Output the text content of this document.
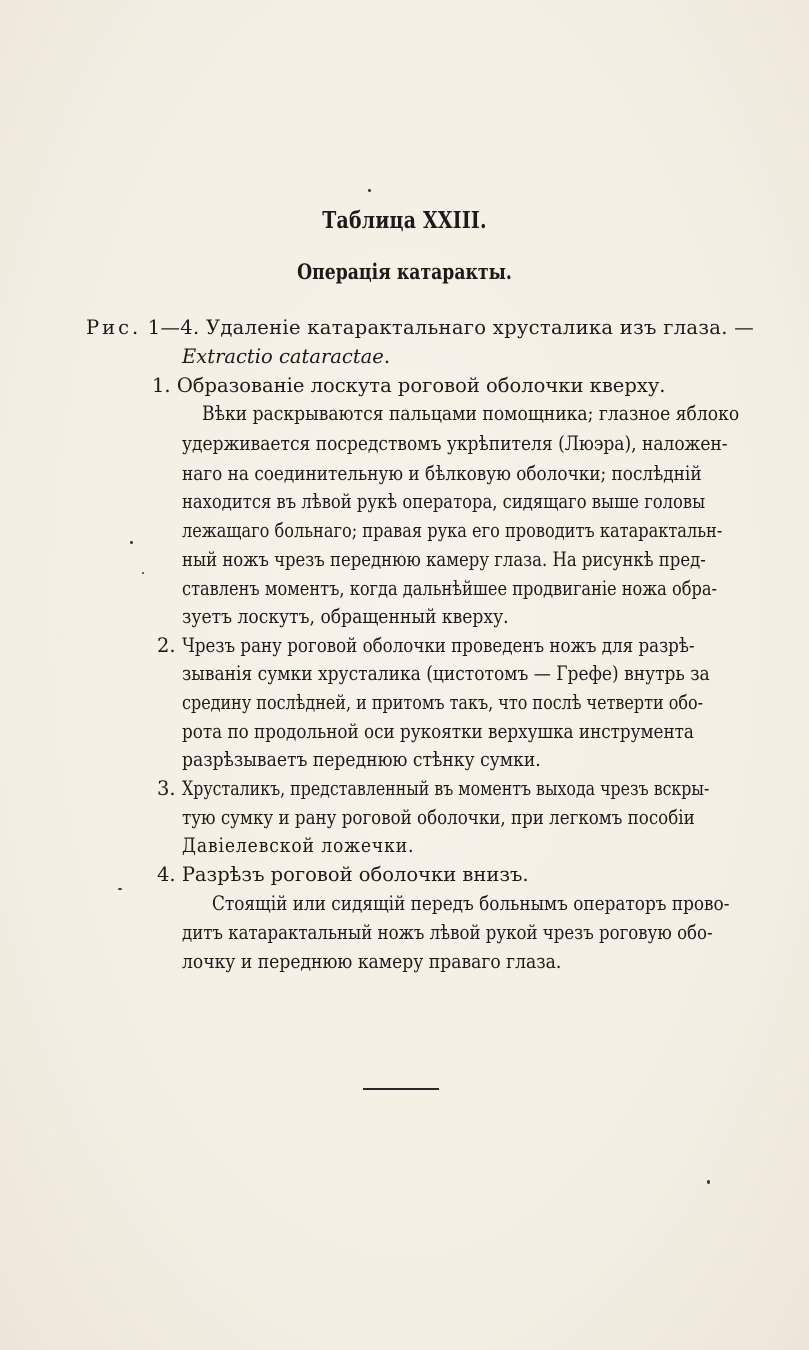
Таблица XXIII.
Операція катаракты.
Рис. 1—4. Удаленіе катарактальнаго хрусталика изъ глаза. —
Extractio cataractae.
1. Образованіе лоскута роговой оболочки кверху.
Вѣки раскрываются пальцами помощника; глазное яблоко
удерживается посредствомъ укрѣпителя (Люэра), наложен-
наго на соединительную и бѣлковую оболочки; послѣдній
находится въ лѣвой рукѣ оператора, сидящаго выше головы
лежащаго больнаго; правая рука его проводитъ катарактальн-
ный ножъ чрезъ переднюю камеру глаза. На рисункѣ пред-
ставленъ моментъ, когда дальнѣйшее продвиганіе ножа обра-
зуетъ лоскутъ, обращенный кверху.
2. Чрезъ рану роговой оболочки проведенъ ножъ для разрѣ-
зыванія сумки хрусталика (цистотомъ — Грефе) внутрь за
средину послѣдней, и притомъ такъ, что послѣ четверти обо-
рота по продольной оси рукоятки верхушка инструмента
разрѣзываетъ переднюю стѣнку сумки.
3. Хрусталикъ, представленный въ моментъ выхода чрезъ вскры-
тую сумку и рану роговой оболочки, при легкомъ пособіи
Давіелевской ложечки.
4. Разрѣзъ роговой оболочки внизъ.
Стоящій или сидящій передъ больнымъ операторъ прово-
дитъ катарактальный ножъ лѣвой рукой чрезъ роговую обо-
лочку и переднюю камеру праваго глаза.
